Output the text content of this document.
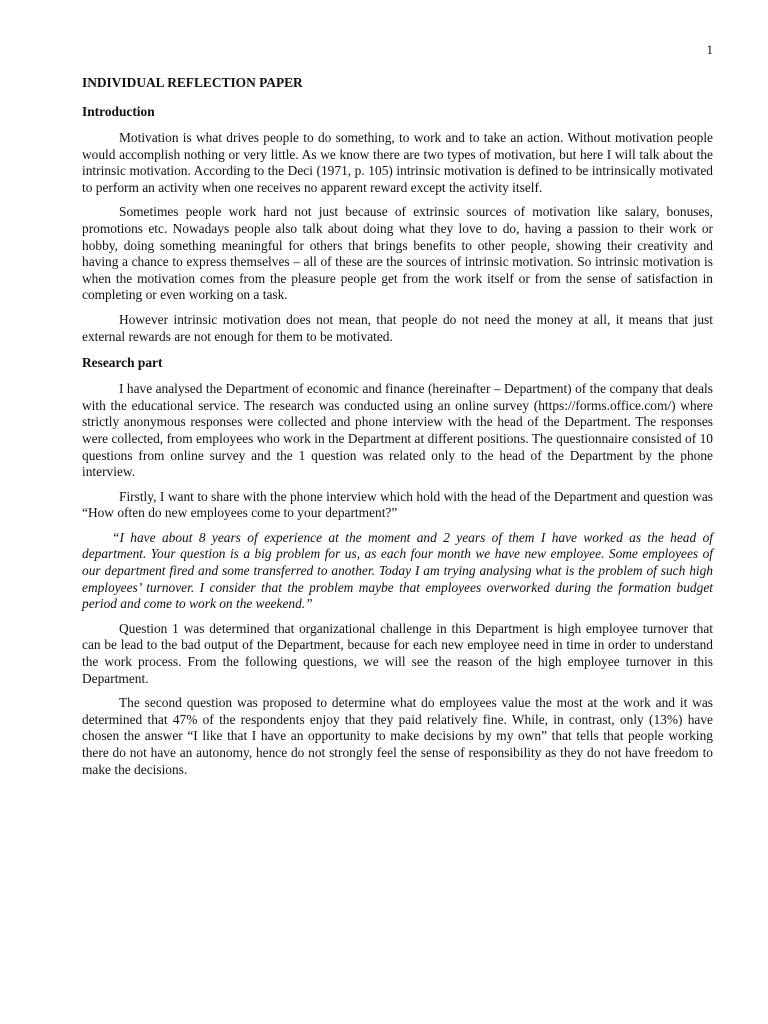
1
INDIVIDUAL REFLECTION PAPER
Introduction

Motivation is what drives people to do something, to work and to take an action. Without motivation people would accomplish nothing or very little. As we know there are two types of motivation, but here I will talk about the intrinsic motivation. According to the Deci (1971, p. 105) intrinsic motivation is defined to be intrinsically motivated to perform an activity when one receives no apparent reward except the activity itself.

Sometimes people work hard not just because of extrinsic sources of motivation like salary, bonuses, promotions etc. Nowadays people also talk about doing what they love to do, having a passion to their work or hobby, doing something meaningful for others that brings benefits to other people, showing their creativity and having a chance to express themselves – all of these are the sources of intrinsic motivation. So intrinsic motivation is when the motivation comes from the pleasure people get from the work itself or from the sense of satisfaction in completing or even working on a task.

However intrinsic motivation does not mean, that people do not need the money at all, it means that just external rewards are not enough for them to be motivated.

Research part

I have analysed the Department of economic and finance (hereinafter – Department) of the company that deals with the educational service. The research was conducted using an online survey (https://forms.office.com/) where strictly anonymous responses were collected and phone interview with the head of the Department. The responses were collected, from employees who work in the Department at different positions. The questionnaire consisted of 10 questions from online survey and the 1 question was related only to the head of the Department by the phone interview.

Firstly, I want to share with the phone interview which hold with the head of the Department and question was “How often do new employees come to your department?”

“I have about 8 years of experience at the moment and 2 years of them I have worked as the head of department. Your question is a big problem for us, as each four month we have new employee. Some employees of our department fired and some transferred to another. Today I am trying analysing what is the problem of such high employees’ turnover. I consider that the problem maybe that employees overworked during the formation budget period and come to work on the weekend.”

Question 1 was determined that organizational challenge in this Department is high employee turnover that can be lead to the bad output of the Department, because for each new employee need in time in order to understand the work process. From the following questions, we will see the reason of the high employee turnover in this Department.

The second question was proposed to determine what do employees value the most at the work and it was determined that 47% of the respondents enjoy that they paid relatively fine. While, in contrast, only (13%) have chosen the answer “I like that I have an opportunity to make decisions by my own” that tells that people working there do not have an autonomy, hence do not strongly feel the sense of responsibility as they do not have freedom to make the decisions.
